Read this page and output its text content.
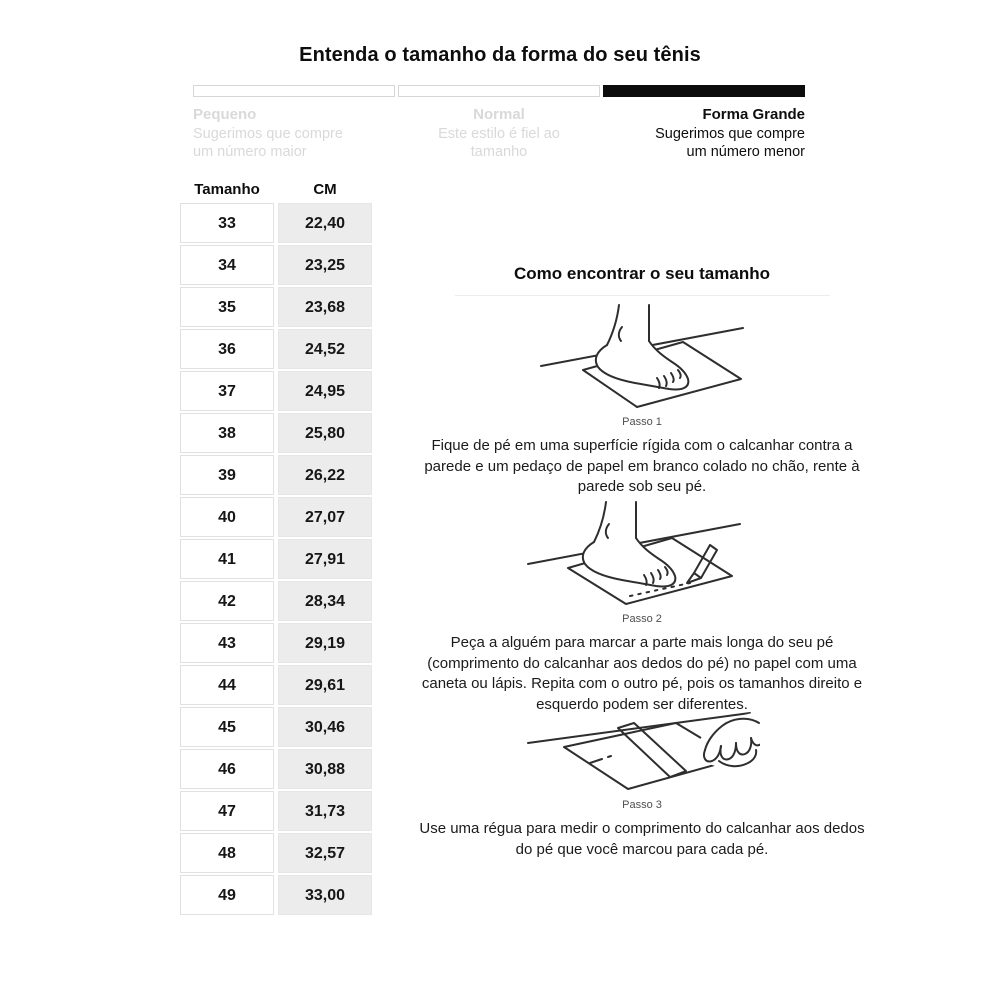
Entenda o tamanho da forma do seu tênis
Pequeno
Sugerimos que compre um número maior
Normal
Este estilo é fiel ao tamanho
Forma Grande
Sugerimos que compre um número menor
Tamanho	CM
33	22,40
34	23,25
35	23,68
36	24,52
37	24,95
38	25,80
39	26,22
40	27,07
41	27,91
42	28,34
43	29,19
44	29,61
45	30,46
46	30,88
47	31,73
48	32,57
49	33,00
Como encontrar o seu tamanho
Passo 1
Fique de pé em uma superfície rígida com o calcanhar contra a parede e um pedaço de papel em branco colado no chão, rente à parede sob seu pé.
Passo 2
Peça a alguém para marcar a parte mais longa do seu pé (comprimento do calcanhar aos dedos do pé) no papel com uma caneta ou lápis. Repita com o outro pé, pois os tamanhos direito e esquerdo podem ser diferentes.
Passo 3
Use uma régua para medir o comprimento do calcanhar aos dedos do pé que você marcou para cada pé.
